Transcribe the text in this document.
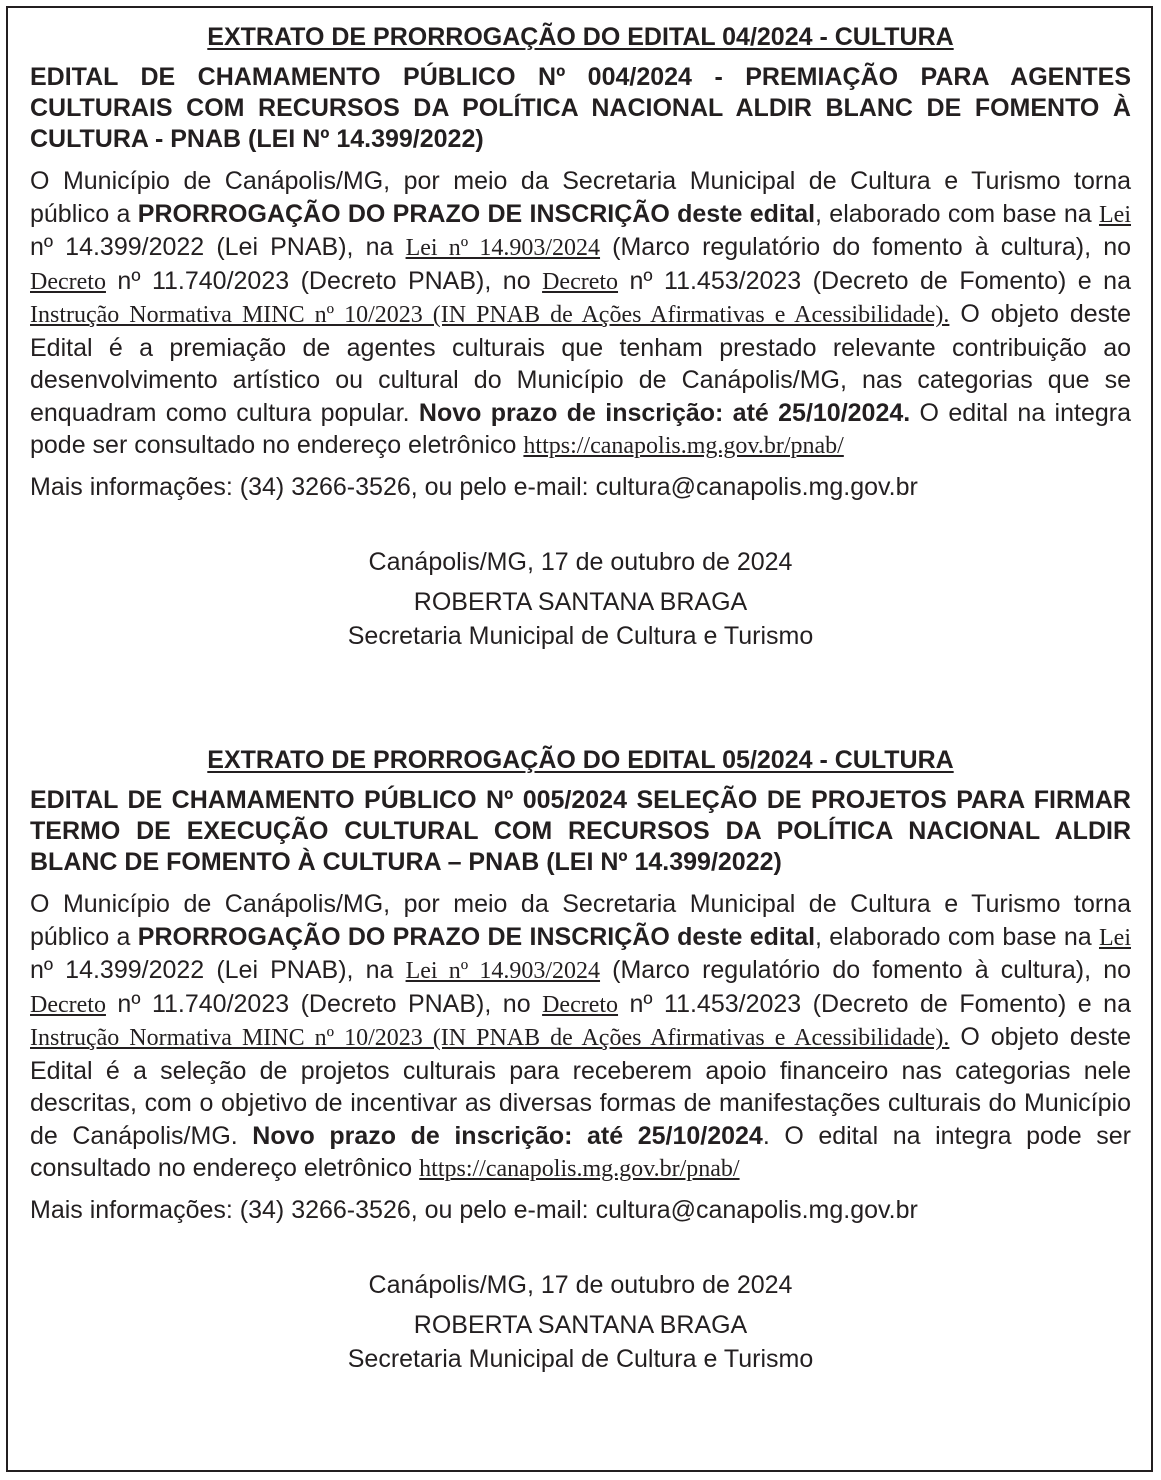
EXTRATO DE PRORROGAÇÃO DO EDITAL 04/2024 - CULTURA

EDITAL DE CHAMAMENTO PÚBLICO Nº 004/2024 - PREMIAÇÃO PARA AGENTES CULTURAIS COM RECURSOS DA POLÍTICA NACIONAL ALDIR BLANC DE FOMENTO À CULTURA - PNAB (LEI Nº 14.399/2022)

O Município de Canápolis/MG, por meio da Secretaria Municipal de Cultura e Turismo torna público a PRORROGAÇÃO DO PRAZO DE INSCRIÇÃO deste edital, elaborado com base na Lei nº 14.399/2022 (Lei PNAB), na Lei nº 14.903/2024 (Marco regulatório do fomento à cultura), no Decreto nº 11.740/2023 (Decreto PNAB), no Decreto nº 11.453/2023 (Decreto de Fomento) e na Instrução Normativa MINC nº 10/2023 (IN PNAB de Ações Afirmativas e Acessibilidade). O objeto deste Edital é a premiação de agentes culturais que tenham prestado relevante contribuição ao desenvolvimento artístico ou cultural do Município de Canápolis/MG, nas categorias que se enquadram como cultura popular. Novo prazo de inscrição: até 25/10/2024. O edital na integra pode ser consultado no endereço eletrônico https://canapolis.mg.gov.br/pnab/

Mais informações: (34) 3266-3526, ou pelo e-mail: cultura@canapolis.mg.gov.br

Canápolis/MG, 17 de outubro de 2024
ROBERTA SANTANA BRAGA
Secretaria Municipal de Cultura e Turismo
EXTRATO DE PRORROGAÇÃO DO EDITAL 05/2024 - CULTURA

EDITAL DE CHAMAMENTO PÚBLICO Nº 005/2024 SELEÇÃO DE PROJETOS PARA FIRMAR TERMO DE EXECUÇÃO CULTURAL COM RECURSOS DA POLÍTICA NACIONAL ALDIR BLANC DE FOMENTO À CULTURA – PNAB (LEI Nº 14.399/2022)

O Município de Canápolis/MG, por meio da Secretaria Municipal de Cultura e Turismo torna público a PRORROGAÇÃO DO PRAZO DE INSCRIÇÃO deste edital, elaborado com base na Lei nº 14.399/2022 (Lei PNAB), na Lei nº 14.903/2024 (Marco regulatório do fomento à cultura), no Decreto nº 11.740/2023 (Decreto PNAB), no Decreto nº 11.453/2023 (Decreto de Fomento) e na Instrução Normativa MINC nº 10/2023 (IN PNAB de Ações Afirmativas e Acessibilidade). O objeto deste Edital é a seleção de projetos culturais para receberem apoio financeiro nas categorias nele descritas, com o objetivo de incentivar as diversas formas de manifestações culturais do Município de Canápolis/MG. Novo prazo de inscrição: até 25/10/2024. O edital na integra pode ser consultado no endereço eletrônico https://canapolis.mg.gov.br/pnab/

Mais informações: (34) 3266-3526, ou pelo e-mail: cultura@canapolis.mg.gov.br

Canápolis/MG, 17 de outubro de 2024
ROBERTA SANTANA BRAGA
Secretaria Municipal de Cultura e Turismo
